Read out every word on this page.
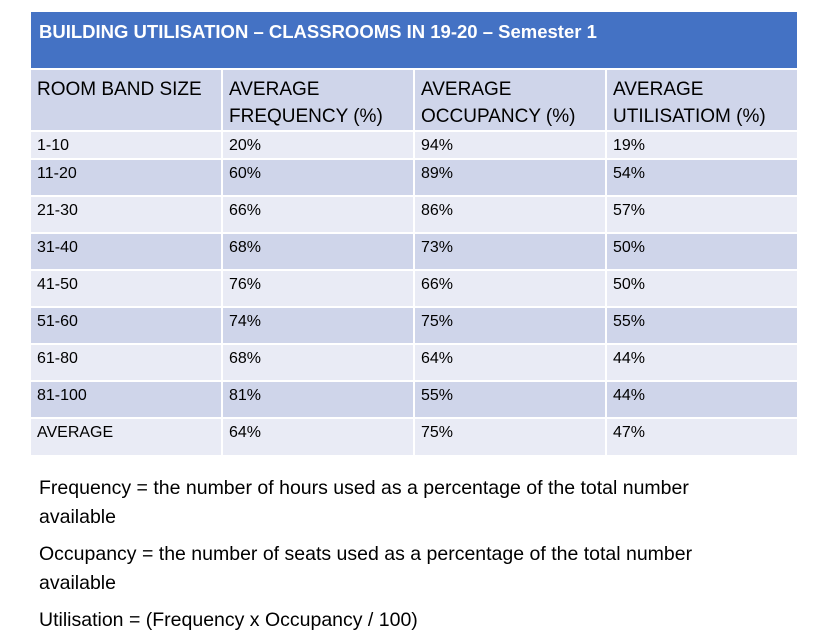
BUILDING UTILISATION – CLASSROOMS IN 19-20 – Semester 1
ROOM BAND SIZE	AVERAGE FREQUENCY (%)	AVERAGE OCCUPANCY (%)	AVERAGE UTILISATIOM (%)
1-10	20%	94%	19%
11-20	60%	89%	54%
21-30	66%	86%	57%
31-40	68%	73%	50%
41-50	76%	66%	50%
51-60	74%	75%	55%
61-80	68%	64%	44%
81-100	81%	55%	44%
AVERAGE	64%	75%	47%

Frequency = the number of hours used as a percentage of the total number available

Occupancy = the number of seats used as a percentage of the total number available

Utilisation = (Frequency x Occupancy / 100)
